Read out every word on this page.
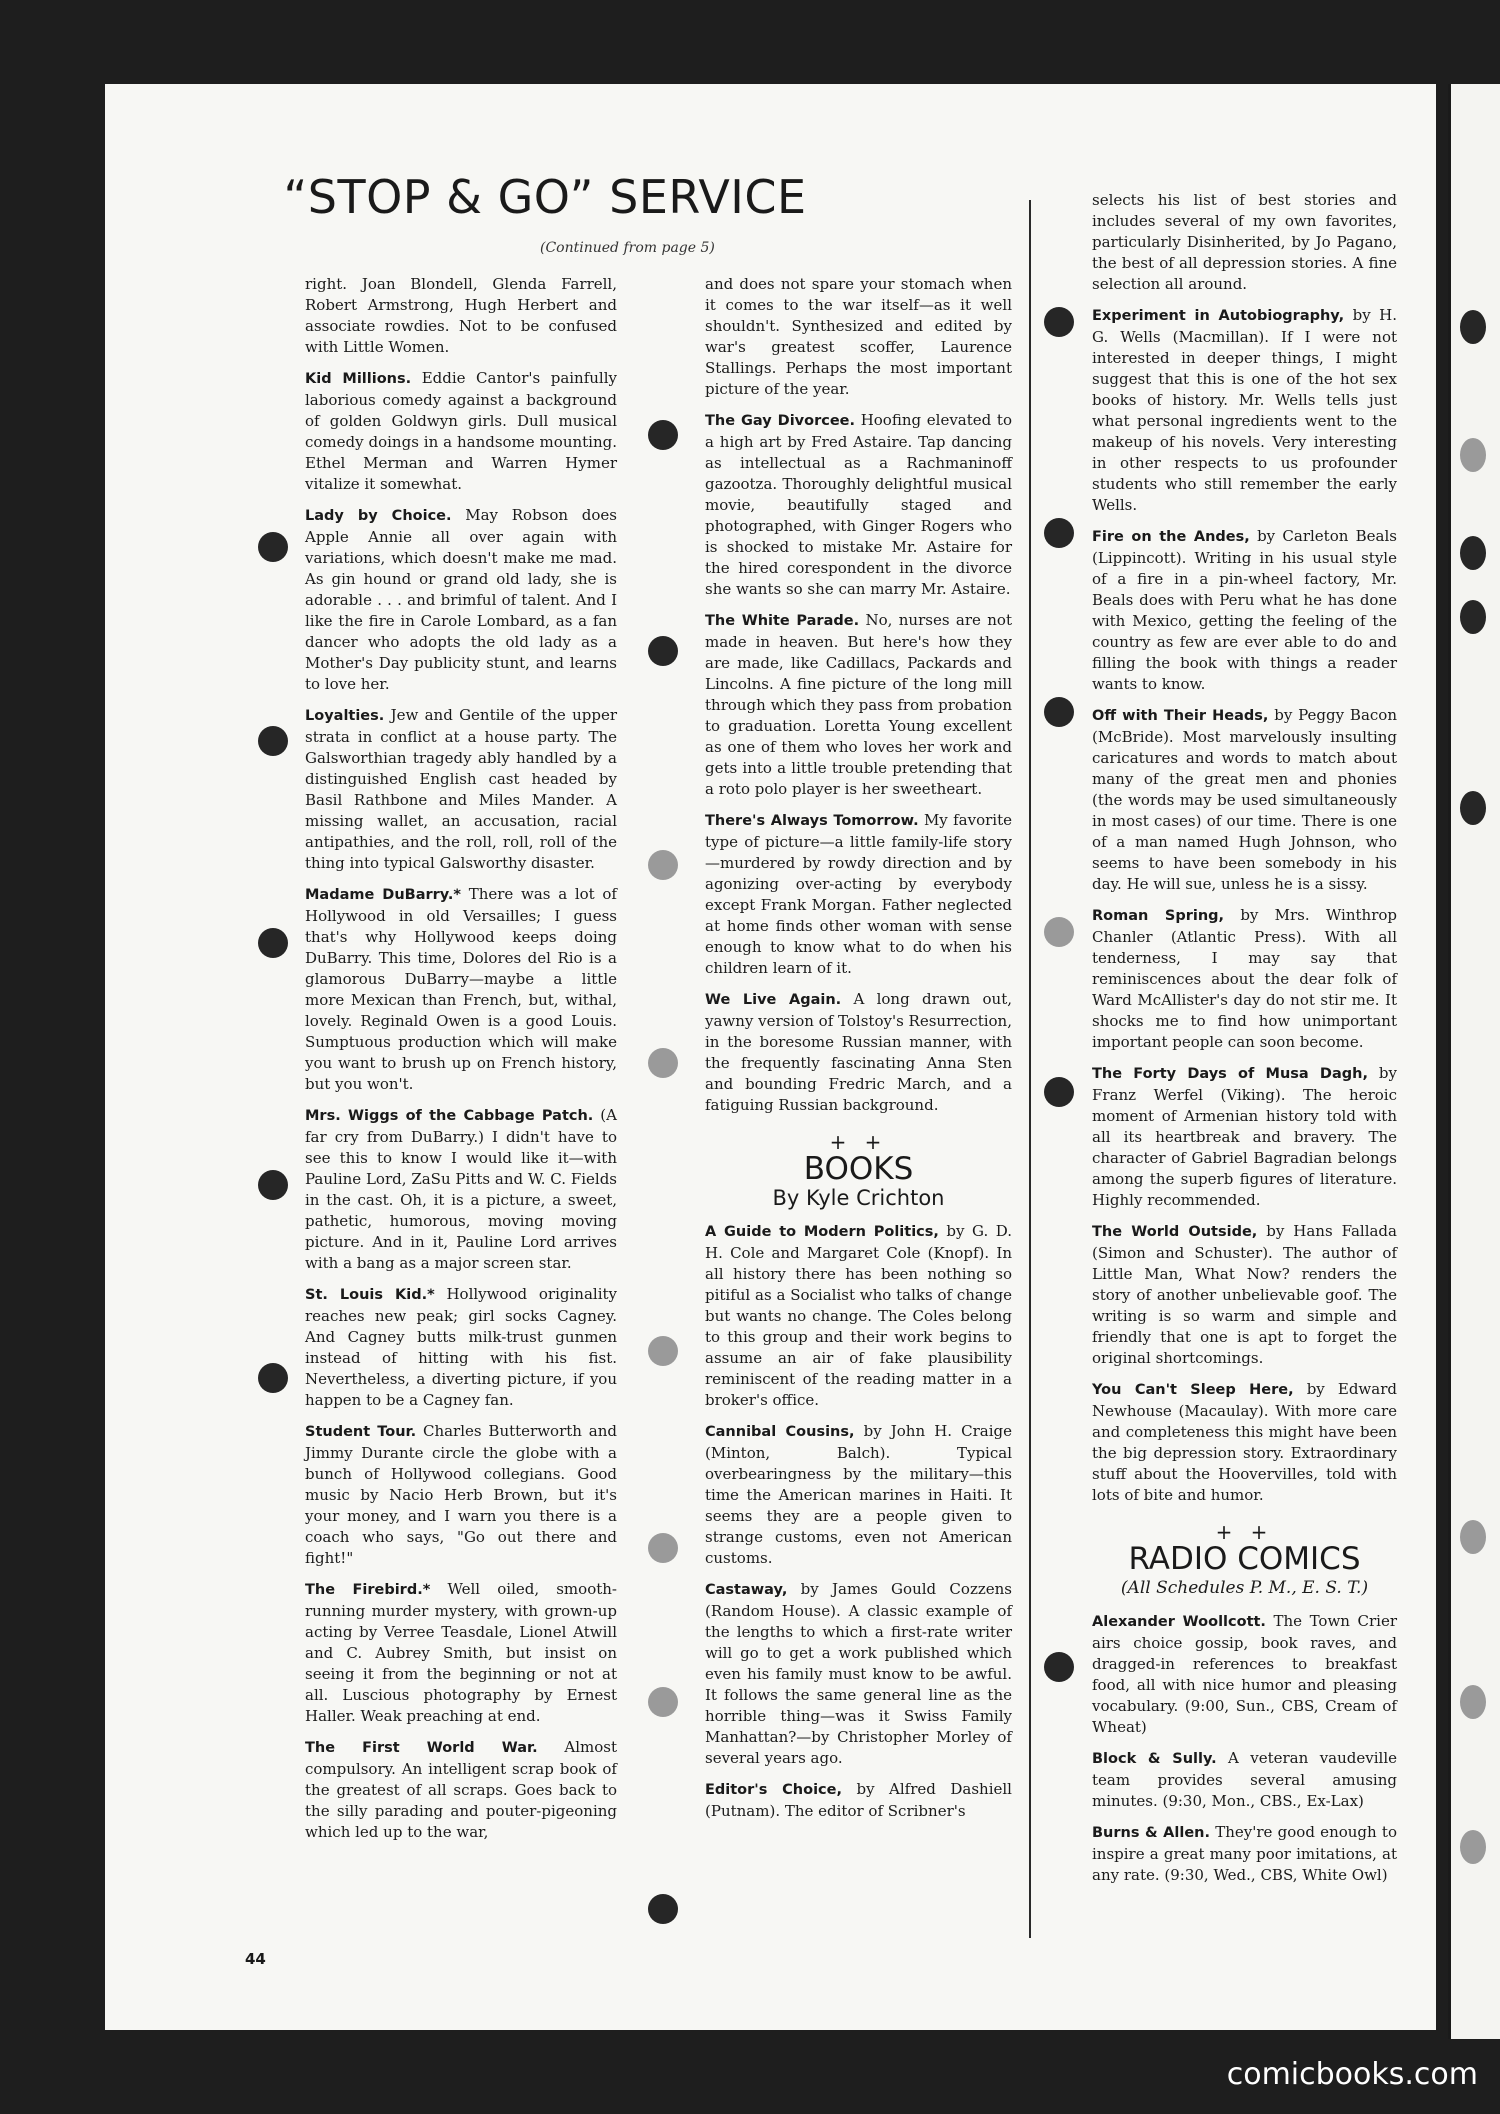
“STOP & GO” SERVICE
(Continued from page 5)

right. Joan Blondell, Glenda Farrell, Robert Armstrong, Hugh Herbert and associate rowdies. Not to be confused with Little Women.

Kid Millions. Eddie Cantor's painfully laborious comedy against a background of golden Goldwyn girls. Dull musical comedy doings in a handsome mounting. Ethel Merman and Warren Hymer vitalize it somewhat.

Lady by Choice. May Robson does Apple Annie all over again with variations, which doesn't make me mad. As gin hound or grand old lady, she is adorable . . . and brimful of talent. And I like the fire in Carole Lombard, as a fan dancer who adopts the old lady as a Mother's Day publicity stunt, and learns to love her.

Loyalties. Jew and Gentile of the upper strata in conflict at a house party. The Galsworthian tragedy ably handled by a distinguished English cast headed by Basil Rathbone and Miles Mander. A missing wallet, an accusation, racial antipathies, and the roll, roll, roll of the thing into typical Galsworthy disaster.

Madame DuBarry.* There was a lot of Hollywood in old Versailles; I guess that's why Hollywood keeps doing DuBarry. This time, Dolores del Rio is a glamorous DuBarry—maybe a little more Mexican than French, but, withal, lovely. Reginald Owen is a good Louis. Sumptuous production which will make you want to brush up on French history, but you won't.

Mrs. Wiggs of the Cabbage Patch. (A far cry from DuBarry.) I didn't have to see this to know I would like it—with Pauline Lord, ZaSu Pitts and W. C. Fields in the cast. Oh, it is a picture, a sweet, pathetic, humorous, moving moving picture. And in it, Pauline Lord arrives with a bang as a major screen star.

St. Louis Kid.* Hollywood originality reaches new peak; girl socks Cagney. And Cagney butts milk-trust gunmen instead of hitting with his fist. Nevertheless, a diverting picture, if you happen to be a Cagney fan.

Student Tour. Charles Butterworth and Jimmy Durante circle the globe with a bunch of Hollywood collegians. Good music by Nacio Herb Brown, but it's your money, and I warn you there is a coach who says, "Go out there and fight!"

The Firebird.* Well oiled, smooth-running murder mystery, with grown-up acting by Verree Teasdale, Lionel Atwill and C. Aubrey Smith, but insist on seeing it from the beginning or not at all. Luscious photography by Ernest Haller. Weak preaching at end.

The First World War. Almost compulsory. An intelligent scrap book of the greatest of all scraps. Goes back to the silly parading and pouter-pigeoning which led up to the war,

and does not spare your stomach when it comes to the war itself—as it well shouldn't. Synthesized and edited by war's greatest scoffer, Laurence Stallings. Perhaps the most important picture of the year.

The Gay Divorcee. Hoofing elevated to a high art by Fred Astaire. Tap dancing as intellectual as a Rachmaninoff gazootza. Thoroughly delightful musical movie, beautifully staged and photographed, with Ginger Rogers who is shocked to mistake Mr. Astaire for the hired corespondent in the divorce she wants so she can marry Mr. Astaire.

The White Parade. No, nurses are not made in heaven. But here's how they are made, like Cadillacs, Packards and Lincolns. A fine picture of the long mill through which they pass from probation to graduation. Loretta Young excellent as one of them who loves her work and gets into a little trouble pretending that a roto polo player is her sweetheart.

There's Always Tomorrow. My favorite type of picture—a little family-life story—murdered by rowdy direction and by agonizing over-acting by everybody except Frank Morgan. Father neglected at home finds other woman with sense enough to know what to do when his children learn of it.

We Live Again. A long drawn out, yawny version of Tolstoy's Resurrection, in the boresome Russian manner, with the frequently fascinating Anna Sten and bounding Fredric March, and a fatiguing Russian background.

+ +
BOOKS
By Kyle Crichton

A Guide to Modern Politics, by G. D. H. Cole and Margaret Cole (Knopf). In all history there has been nothing so pitiful as a Socialist who talks of change but wants no change. The Coles belong to this group and their work begins to assume an air of fake plausibility reminiscent of the reading matter in a broker's office.

Cannibal Cousins, by John H. Craige (Minton, Balch). Typical overbearingness by the military—this time the American marines in Haiti. It seems they are a people given to strange customs, even not American customs.

Castaway, by James Gould Cozzens (Random House). A classic example of the lengths to which a first-rate writer will go to get a work published which even his family must know to be awful. It follows the same general line as the horrible thing—was it Swiss Family Manhattan?—by Christopher Morley of several years ago.

Editor's Choice, by Alfred Dashiell (Putnam). The editor of Scribner's

selects his list of best stories and includes several of my own favorites, particularly Disinherited, by Jo Pagano, the best of all depression stories. A fine selection all around.

Experiment in Autobiography, by H. G. Wells (Macmillan). If I were not interested in deeper things, I might suggest that this is one of the hot sex books of history. Mr. Wells tells just what personal ingredients went to the makeup of his novels. Very interesting in other respects to us profounder students who still remember the early Wells.

Fire on the Andes, by Carleton Beals (Lippincott). Writing in his usual style of a fire in a pin-wheel factory, Mr. Beals does with Peru what he has done with Mexico, getting the feeling of the country as few are ever able to do and filling the book with things a reader wants to know.

Off with Their Heads, by Peggy Bacon (McBride). Most marvelously insulting caricatures and words to match about many of the great men and phonies (the words may be used simultaneously in most cases) of our time. There is one of a man named Hugh Johnson, who seems to have been somebody in his day. He will sue, unless he is a sissy.

Roman Spring, by Mrs. Winthrop Chanler (Atlantic Press). With all tenderness, I may say that reminiscences about the dear folk of Ward McAllister's day do not stir me. It shocks me to find how unimportant important people can soon become.

The Forty Days of Musa Dagh, by Franz Werfel (Viking). The heroic moment of Armenian history told with all its heartbreak and bravery. The character of Gabriel Bagradian belongs among the superb figures of literature. Highly recommended.

The World Outside, by Hans Fallada (Simon and Schuster). The author of Little Man, What Now? renders the story of another unbelievable goof. The writing is so warm and simple and friendly that one is apt to forget the original shortcomings.

You Can't Sleep Here, by Edward Newhouse (Macaulay). With more care and completeness this might have been the big depression story. Extraordinary stuff about the Hoovervilles, told with lots of bite and humor.

+ +
RADIO COMICS
(All Schedules P. M., E. S. T.)

Alexander Woollcott. The Town Crier airs choice gossip, book raves, and dragged-in references to breakfast food, all with nice humor and pleasing vocabulary. (9:00, Sun., CBS, Cream of Wheat)

Block & Sully. A veteran vaudeville team provides several amusing minutes. (9:30, Mon., CBS., Ex-Lax)

Burns & Allen. They're good enough to inspire a great many poor imitations, at any rate. (9:30, Wed., CBS, White Owl)

44
comicbooks.com
